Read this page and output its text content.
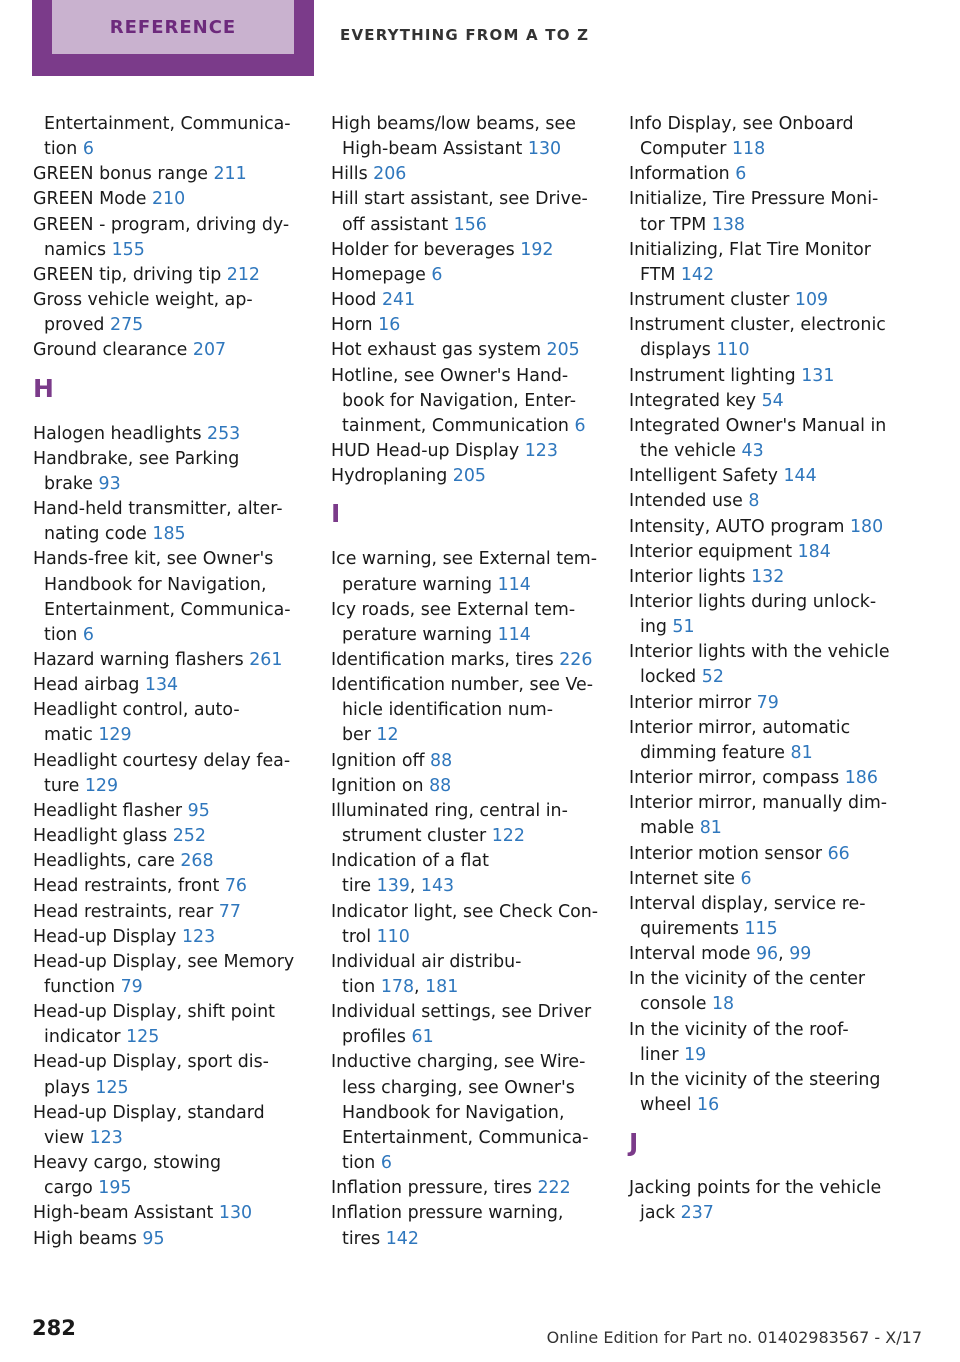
REFERENCE	EVERYTHING FROM A TO Z
Entertainment, Communica-
tion 6
GREEN bonus range 211
GREEN Mode 210
GREEN - program, driving dy-
namics 155
GREEN tip, driving tip 212
Gross vehicle weight, ap-
proved 275
Ground clearance 207
H
Halogen headlights 253
Handbrake, see Parking
brake 93
Hand-held transmitter, alter-
nating code 185
Hands-free kit, see Owner's
Handbook for Navigation,
Entertainment, Communica-
tion 6
Hazard warning flashers 261
Head airbag 134
Headlight control, auto-
matic 129
Headlight courtesy delay fea-
ture 129
Headlight flasher 95
Headlight glass 252
Headlights, care 268
Head restraints, front 76
Head restraints, rear 77
Head-up Display 123
Head-up Display, see Memory
function 79
Head-up Display, shift point
indicator 125
Head-up Display, sport dis-
plays 125
Head-up Display, standard
view 123
Heavy cargo, stowing
cargo 195
High-beam Assistant 130
High beams 95
High beams/low beams, see
High-beam Assistant 130
Hills 206
Hill start assistant, see Drive-
off assistant 156
Holder for beverages 192
Homepage 6
Hood 241
Horn 16
Hot exhaust gas system 205
Hotline, see Owner's Hand-
book for Navigation, Enter-
tainment, Communication 6
HUD Head-up Display 123
Hydroplaning 205
I
Ice warning, see External tem-
perature warning 114
Icy roads, see External tem-
perature warning 114
Identification marks, tires 226
Identification number, see Ve-
hicle identification num-
ber 12
Ignition off 88
Ignition on 88
Illuminated ring, central in-
strument cluster 122
Indication of a flat
tire 139, 143
Indicator light, see Check Con-
trol 110
Individual air distribu-
tion 178, 181
Individual settings, see Driver
profiles 61
Inductive charging, see Wire-
less charging, see Owner's
Handbook for Navigation,
Entertainment, Communica-
tion 6
Inflation pressure, tires 222
Inflation pressure warning,
tires 142
Info Display, see Onboard
Computer 118
Information 6
Initialize, Tire Pressure Moni-
tor TPM 138
Initializing, Flat Tire Monitor
FTM 142
Instrument cluster 109
Instrument cluster, electronic
displays 110
Instrument lighting 131
Integrated key 54
Integrated Owner's Manual in
the vehicle 43
Intelligent Safety 144
Intended use 8
Intensity, AUTO program 180
Interior equipment 184
Interior lights 132
Interior lights during unlock-
ing 51
Interior lights with the vehicle
locked 52
Interior mirror 79
Interior mirror, automatic
dimming feature 81
Interior mirror, compass 186
Interior mirror, manually dim-
mable 81
Interior motion sensor 66
Internet site 6
Interval display, service re-
quirements 115
Interval mode 96, 99
In the vicinity of the center
console 18
In the vicinity of the roof-
liner 19
In the vicinity of the steering
wheel 16
J
Jacking points for the vehicle
jack 237
282	Online Edition for Part no. 01402983567 - X/17
